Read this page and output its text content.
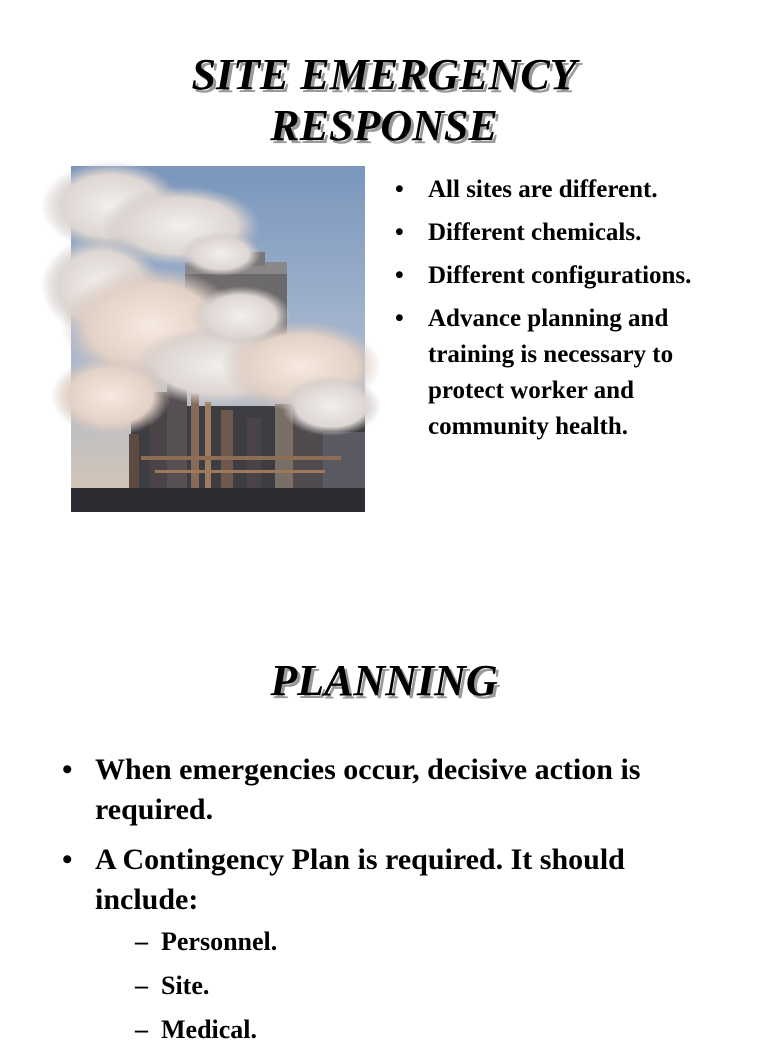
SITE EMERGENCY
RESPONSE
• All sites are different.
• Different chemicals.
• Different configurations.
• Advance planning and training is necessary to protect worker and community health.
PLANNING
• When emergencies occur, decisive action is required.
• A Contingency Plan is required. It should include:
– Personnel.
– Site.
– Medical.
